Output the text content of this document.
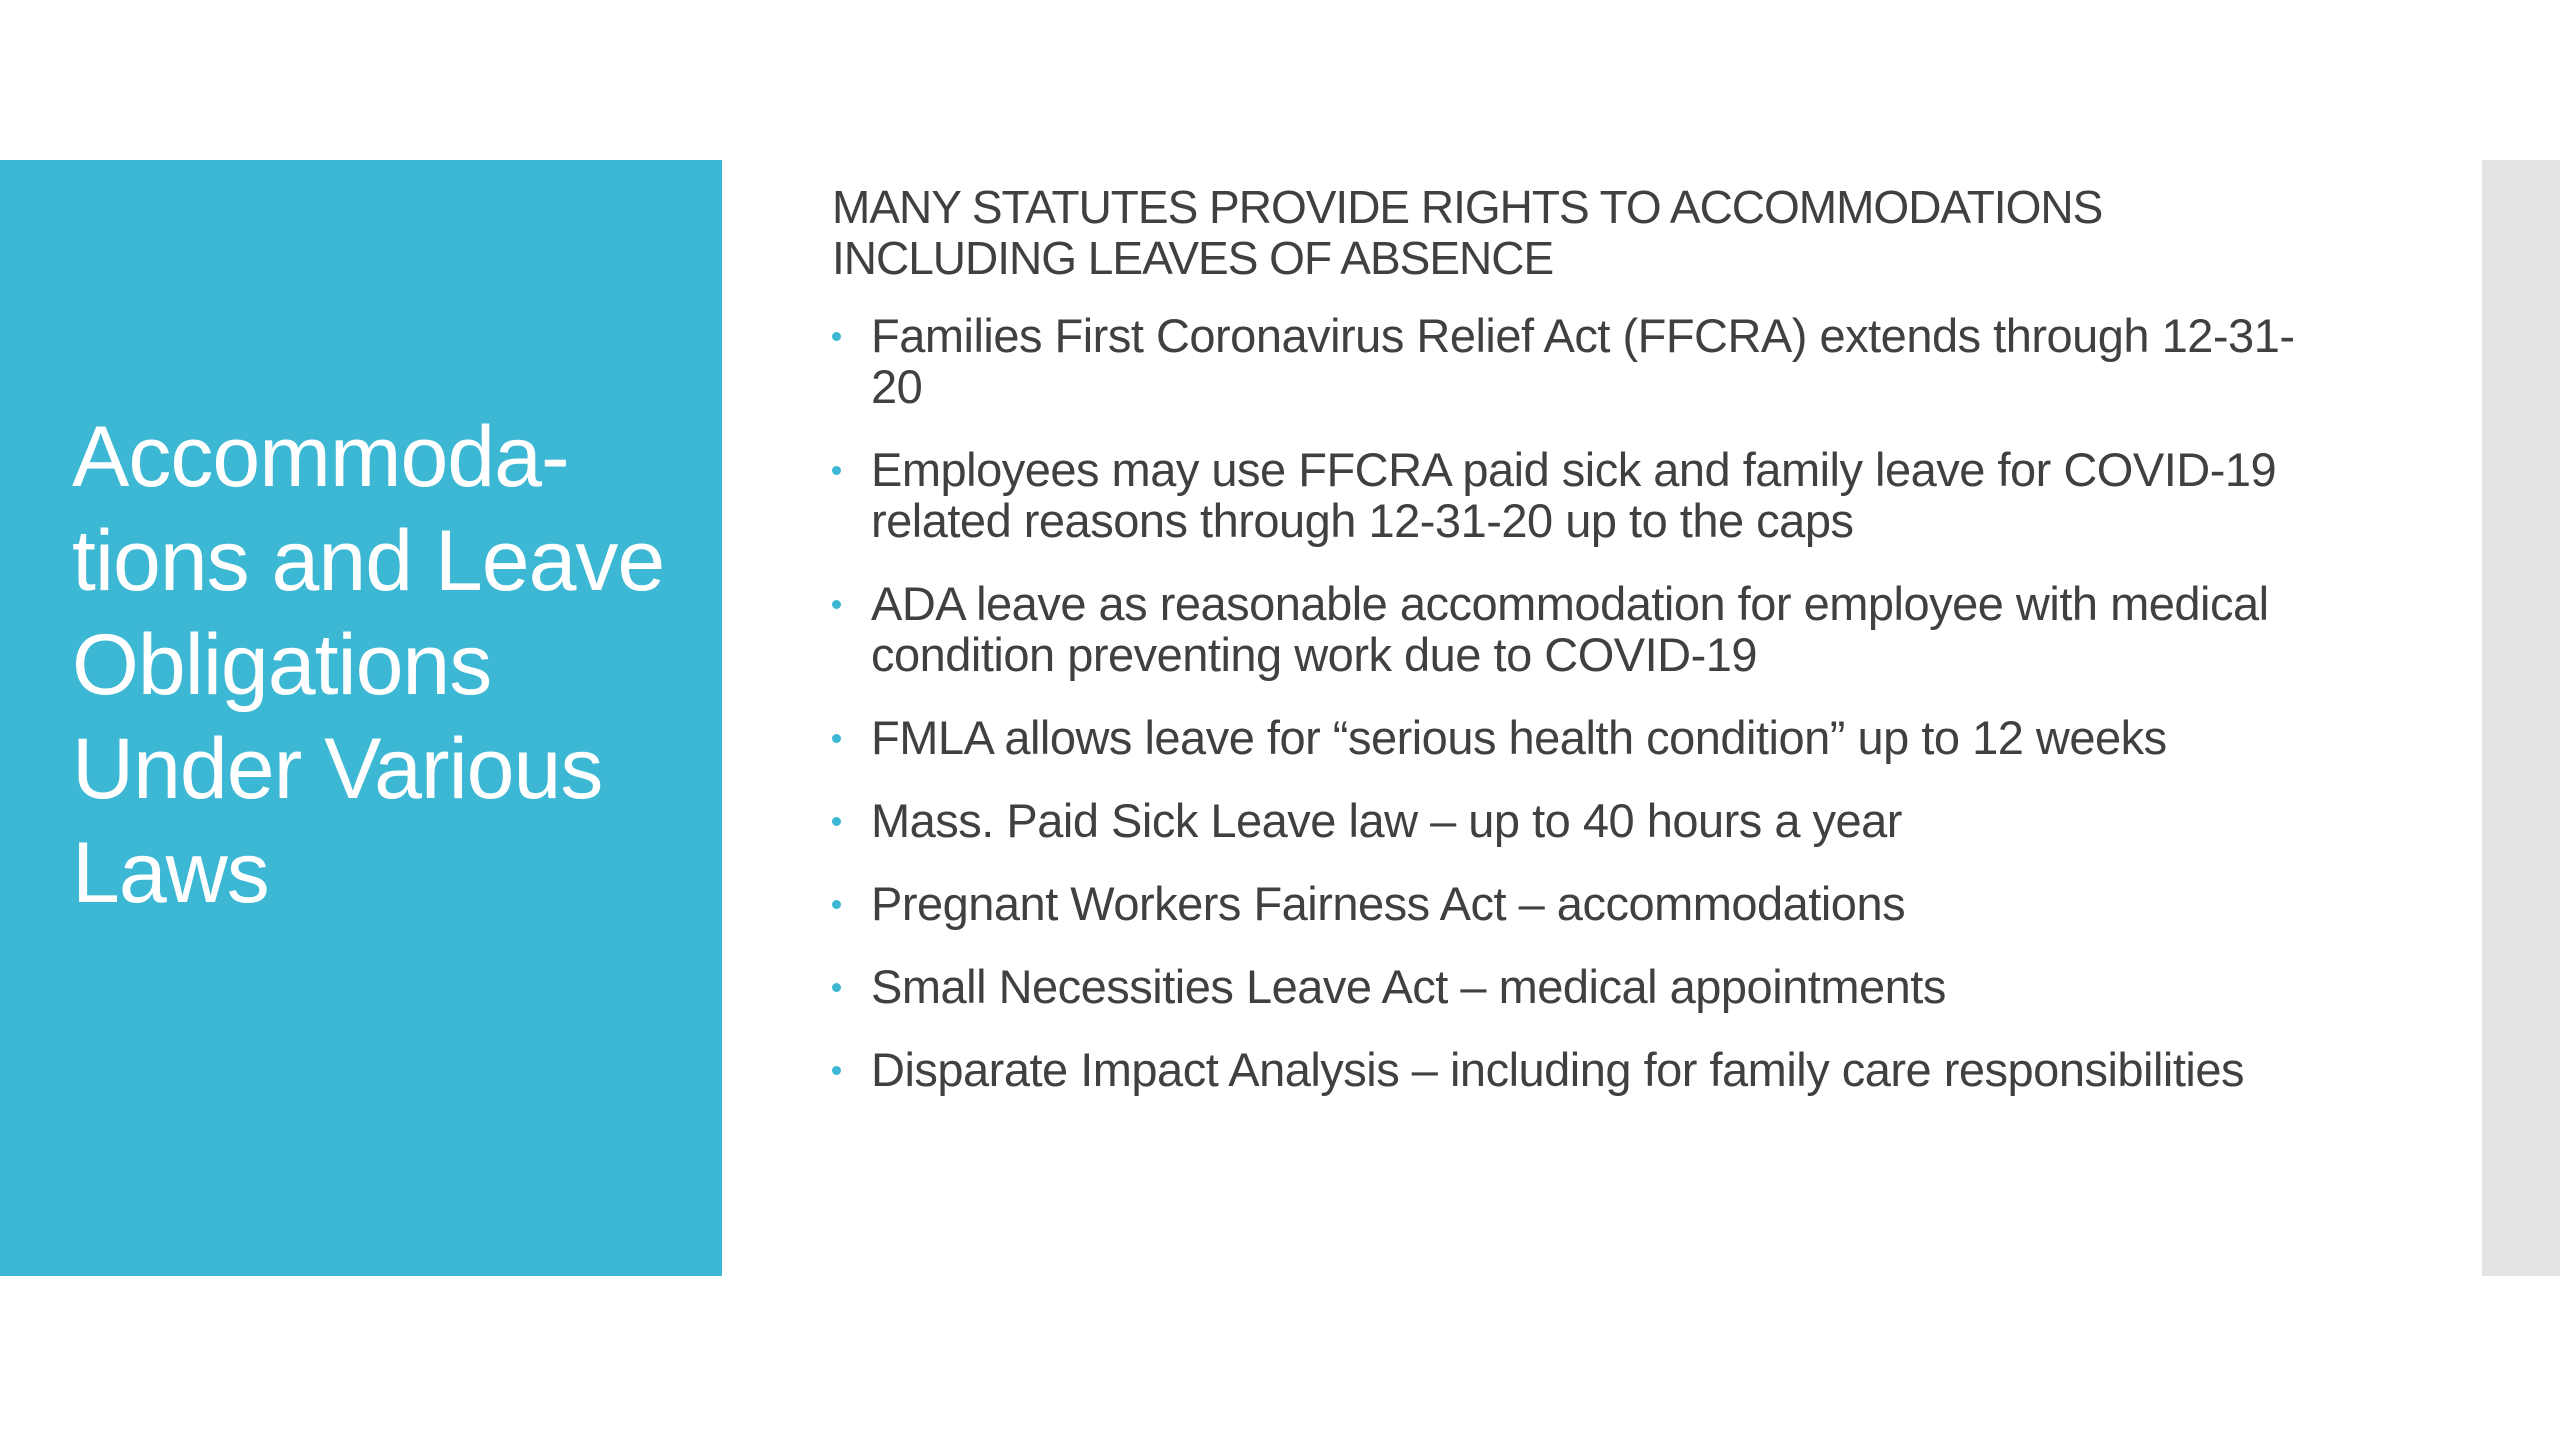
Accommoda-tions and Leave Obligations Under Various Laws
MANY STATUTES PROVIDE RIGHTS TO ACCOMMODATIONS
INCLUDING LEAVES OF ABSENCE
Families First Coronavirus Relief Act (FFCRA) extends through 12-31-20
Employees may use FFCRA paid sick and family leave for COVID-19 related reasons through 12-31-20 up to the caps
ADA leave as reasonable accommodation for employee with medical condition preventing work due to COVID-19
FMLA allows leave for “serious health condition” up to 12 weeks
Mass. Paid Sick Leave law – up to 40 hours a year
Pregnant Workers Fairness Act – accommodations
Small Necessities Leave Act – medical appointments
Disparate Impact Analysis – including for family care responsibilities
